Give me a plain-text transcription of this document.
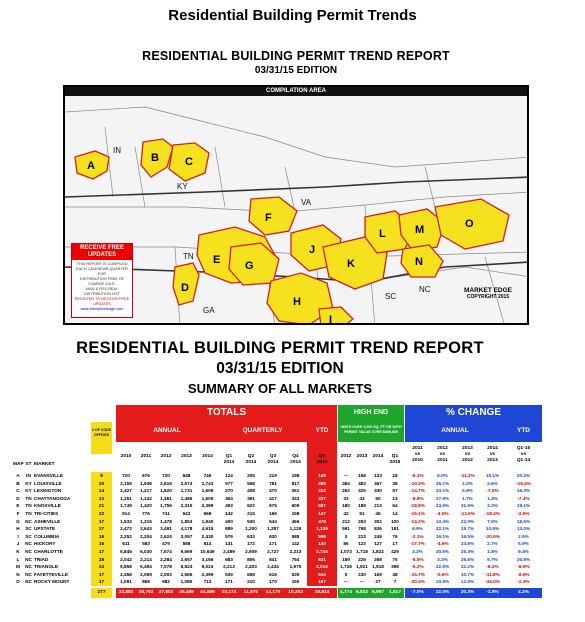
Residential Building Permit Trends
RESIDENTIAL BUILDING PERMIT TREND REPORT
03/31/15 EDITION
COMPILATION AREA
A
B C
D
E
F
G
H
I
J
K
L	M
N
O
IN
KY
VA
TN
NC
SC
GA
RECEIVE FREE UPDATES
THIS REPORT IS COMPILED EACH CALENDAR QUARTER FOR
DISTRIBUTION FREE OF CHARGE VIA E-
MAIL & RSS REAL DISTRIBUTION LIST
REGISTER TO RECEIVE FREE UPDATES
www.themarketedge.com
MARKET EDGE
COPYRIGHT 2015
RESIDENTIAL BUILDING PERMIT TREND REPORT
03/31/15 EDITION
SUMMARY OF ALL MARKETS
TOTALS
ANNUAL	QUARTERLY	YTD
HIGH END
UNITS OVER 4,000 SQ. FT OR WITH PERMIT VALUE OVER $400,000
% CHANGE
ANNUAL	YTD
# OF CODE OFFICES
MAP ST MARKET
2010	2011	2012	2013	2014	Q1
2014
Q2
2014
Q3
2014
Q4
2014
Q1
2015
2012	2013	2014	Q1
2015
2011
vs
2010
2012
vs
2011
2013
vs
2012
2014
vs
2013
Q1-15
vs
Q1-14
A	IN EVANSVILLE	8	720	676	730	648	746	124	205	219	198	149	---	158	133	18	-6.1%	8.0%	-11.2%	15.1%	20.2%
B	KY LOUISVILLE	20	2,155	1,936	2,616	2,674	2,743	577	568	781	817	489	384	483	467	38	-10.2%	35.1%	2.2%	2.6%	-15.4%
C	KY LEXINGTON	14	1,427	1,217	1,620	1,731	1,609	270	408	470	361	314	262	325	330	57	-14.7%	33.1%	6.9%	-7.0%	16.3%
D	TN CHATTANOOGA	13	1,251	1,142	1,461	1,486	1,505	364	391	417	343	337	33	43	60	13	-8.8%	27.9%	1.7%	1.3%	-7.4%
E	TN KNOXVILLE	21	1,749	1,420	1,759	2,315	2,389	493	622	675	609	587	180	189	213	64	-18.8%	23.9%	31.6%	3.2%	19.1%
F	TN TRI-CITIES	22	914	776	741	643	668	142	215	166	158	147	42	51	46	14	-15.1%	-4.5%	-13.6%	-18.4%	-2.6%
G	NC ASHEVILLE	17	1,532	1,315	1,478	1,853	1,940	400	530	544	466	479	212	253	302	100	-14.2%	12.4%	22.0%	7.0%	19.5%
H	SC UPSTATE	27	2,472	2,643	3,491	4,178	4,615	889	1,200	1,287	1,129	1,129	591	798	836	181	6.9%	32.1%	19.7%	10.5%	13.0%
I	SC COLUMBIA	16	2,252	2,204	2,624	3,057	2,430	579	633	630	588	596	0	213	249	76	-2.1%	19.1%	16.5%	-20.5%	2.9%
J	NC HICKORY	16	611	583	479	588	614	131	172	171	142	140	86	123	127	17	-17.7%	-4.6%	24.6%	2.7%	6.9%
K	NC CHARLOTTE	17	5,845	6,030	7,674	9,669	10,649	2,489	2,609	2,727	2,213	2,734	1,073 1,718 1,822	429	3.2%	30.6%	25.3%	1.8%	9.4%
L	NC TRIAD	28	2,042	2,214	2,284	2,657	3,166	683	806	841	754	831	189	225	268	75	-5.5%	3.2%	26.6%	9.7%	20.5%
M	NC TRIANGLE	24	5,858	5,494	7,078	8,824	9,024	2,213	2,403	2,434	1,975	2,016	1,726 1,921 1,918	398	-6.2%	32.5%	32.2%	-8.2%	-8.9%
N	NC FAYETTEVILLE	17	2,458	2,069	2,003	2,565	2,399	539	658	616	539	544	0	230	169	48	-15.7%	-0.6%	10.7%	-11.8%	-8.9%
O	NC ROCKY MOUNT	17	1,091	868	982	1,080	713	171	210	170	150	167	---	---	27	7	-20.4%	10.8%	12.8%	-34.0%	-2.3%
277	33,883	30,763	37,802	45,489	44,586	10,174	11,970	12,179	10,263	10,614	4,774 6,832 6,997	1,617	-7.0%	22.0%	20.3%	-1.9%	4.3%
